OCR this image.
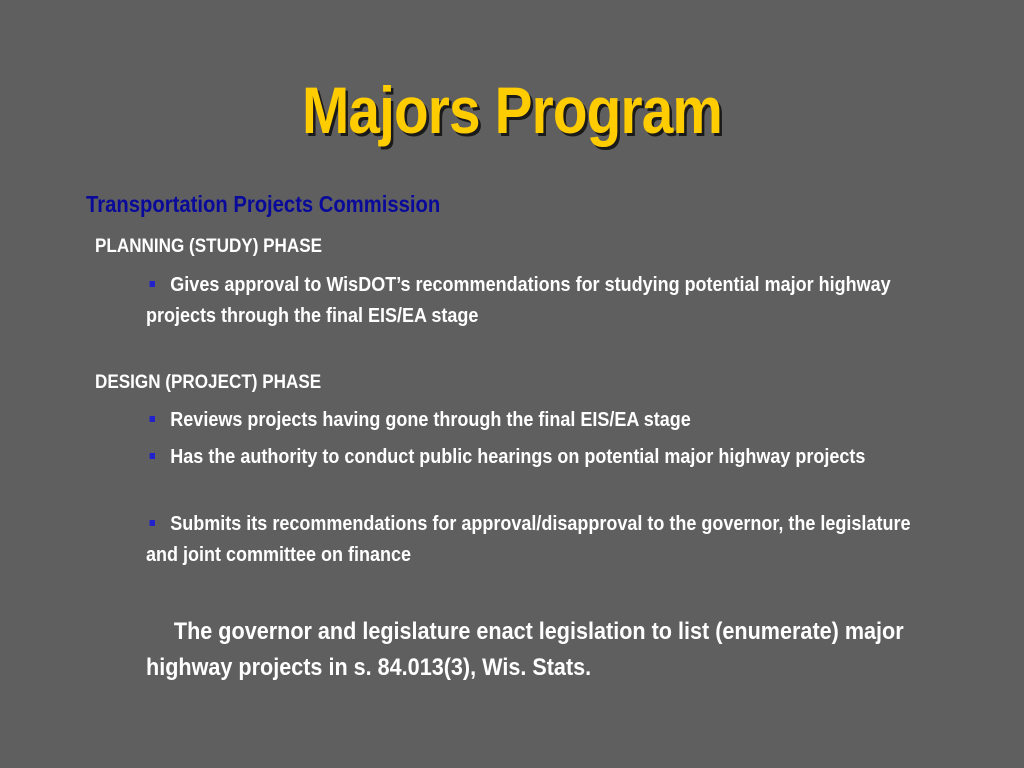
Majors Program
Transportation Projects Commission
PLANNING (STUDY) PHASE
Gives approval to WisDOT’s recommendations for studying potential major highway projects through the final EIS/EA stage
DESIGN (PROJECT) PHASE
Reviews projects having gone through the final EIS/EA stage
Has the authority to conduct public hearings on potential major highway projects
Submits its recommendations for approval/disapproval to the governor, the legislature and joint committee on finance
The governor and legislature enact legislation to list (enumerate) major highway projects in s. 84.013(3), Wis. Stats.
